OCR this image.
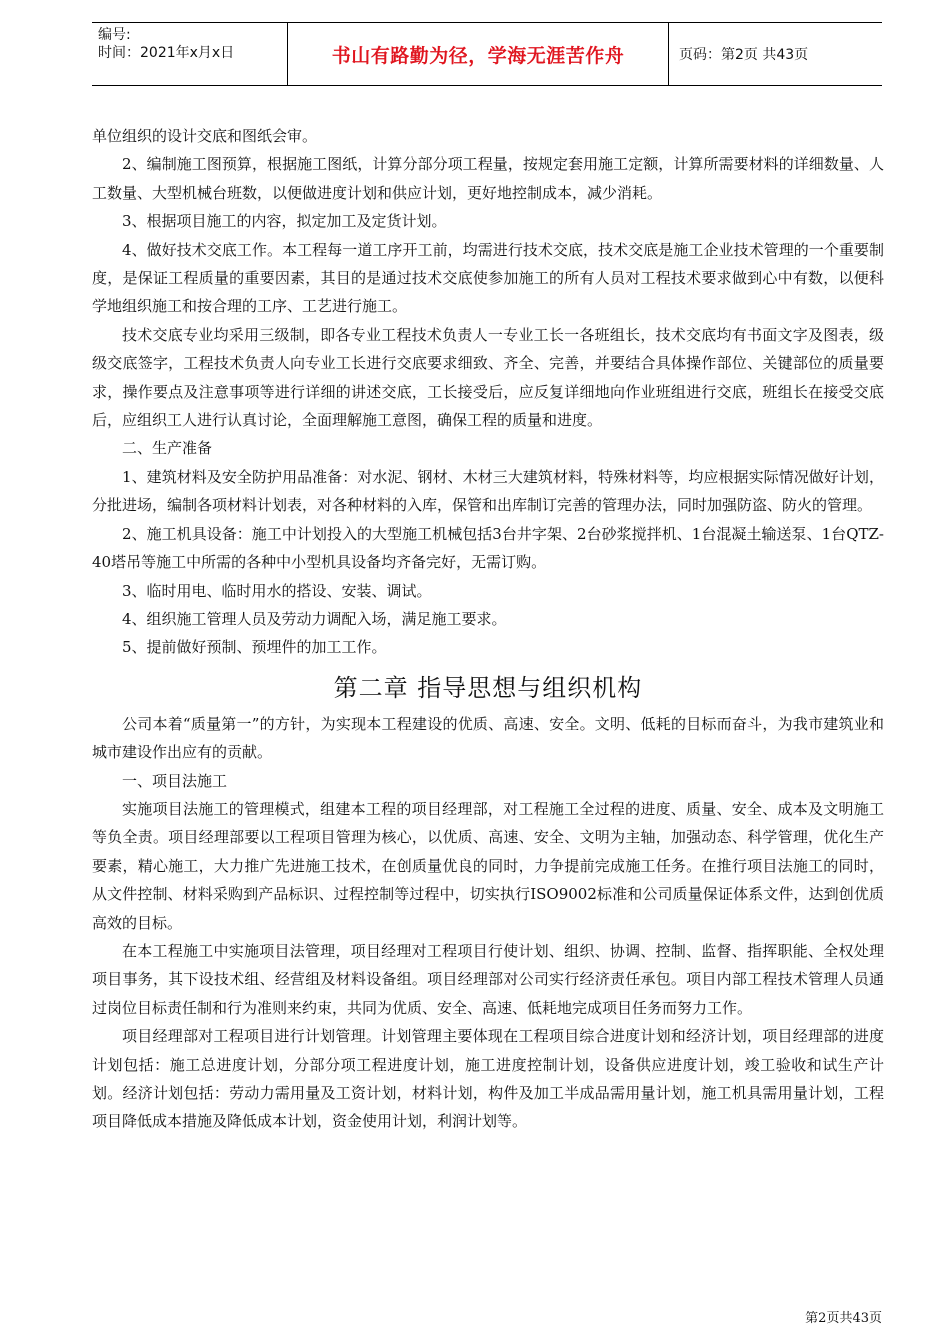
编号:
时间：2021年x月x日	书山有路勤为径，学海无涯苦作舟	页码：第2页 共43页

单位组织的设计交底和图纸会审。

2、编制施工图预算，根据施工图纸，计算分部分项工程量，按规定套用施工定额，计算所需要材料的详细数量、人工数量、大型机械台班数，以便做进度计划和供应计划，更好地控制成本，减少消耗。

3、根据项目施工的内容，拟定加工及定货计划。

4、做好技术交底工作。本工程每一道工序开工前，均需进行技术交底，技术交底是施工企业技术管理的一个重要制度，是保证工程质量的重要因素，其目的是通过技术交底使参加施工的所有人员对工程技术要求做到心中有数，以便科学地组织施工和按合理的工序、工艺进行施工。

技术交底专业均采用三级制，即各专业工程技术负责人一专业工长一各班组长，技术交底均有书面文字及图表，级级交底签字，工程技术负责人向专业工长进行交底要求细致、齐全、完善，并要结合具体操作部位、关键部位的质量要求，操作要点及注意事项等进行详细的讲述交底，工长接受后，应反复详细地向作业班组进行交底，班组长在接受交底后，应组织工人进行认真讨论，全面理解施工意图，确保工程的质量和进度。

二、生产准备

1、建筑材料及安全防护用品准备：对水泥、钢材、木材三大建筑材料，特殊材料等，均应根据实际情况做好计划，分批进场，编制各项材料计划表，对各种材料的入库，保管和出库制订完善的管理办法，同时加强防盗、防火的管理。

2、施工机具设备：施工中计划投入的大型施工机械包括3台井字架、2台砂浆搅拌机、1台混凝土输送泵、1台QTZ-40塔吊等施工中所需的各种中小型机具设备均齐备完好，无需订购。

3、临时用电、临时用水的搭设、安装、调试。

4、组织施工管理人员及劳动力调配入场，满足施工要求。

5、提前做好预制、预埋件的加工工作。

第二章 指导思想与组织机构

公司本着“质量第一”的方针，为实现本工程建设的优质、高速、安全。文明、低耗的目标而奋斗，为我市建筑业和城市建设作出应有的贡献。

一、项目法施工

实施项目法施工的管理模式，组建本工程的项目经理部，对工程施工全过程的进度、质量、安全、成本及文明施工等负全责。项目经理部要以工程项目管理为核心，以优质、高速、安全、文明为主轴，加强动态、科学管理，优化生产要素，精心施工，大力推广先进施工技术，在创质量优良的同时，力争提前完成施工任务。在推行项目法施工的同时，从文件控制、材料采购到产品标识、过程控制等过程中，切实执行ISO9002标准和公司质量保证体系文件，达到创优质高效的目标。

在本工程施工中实施项目法管理，项目经理对工程项目行使计划、组织、协调、控制、监督、指挥职能、全权处理项目事务，其下设技术组、经营组及材料设备组。项目经理部对公司实行经济责任承包。项目内部工程技术管理人员通过岗位目标责任制和行为准则来约束，共同为优质、安全、高速、低耗地完成项目任务而努力工作。

项目经理部对工程项目进行计划管理。计划管理主要体现在工程项目综合进度计划和经济计划，项目经理部的进度计划包括：施工总进度计划，分部分项工程进度计划，施工进度控制计划，设备供应进度计划，竣工验收和试生产计划。经济计划包括：劳动力需用量及工资计划，材料计划，构件及加工半成品需用量计划，施工机具需用量计划，工程项目降低成本措施及降低成本计划，资金使用计划，利润计划等。

第2页共43页
